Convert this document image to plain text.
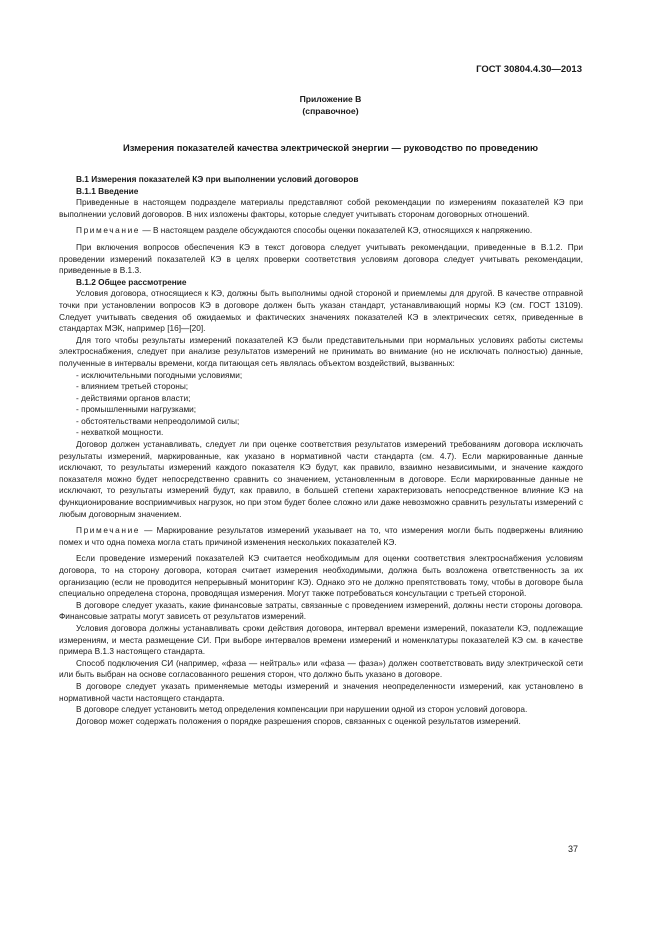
ГОСТ 30804.4.30—2013
Приложение В
(справочное)
Измерения показателей качества электрической энергии — руководство по проведению
В.1 Измерения показателей КЭ при выполнении условий договоров
В.1.1 Введение

Приведенные в настоящем подразделе материалы представляют собой рекомендации по измерениям показателей КЭ при выполнении условий договоров. В них изложены факторы, которые следует учитывать сторонам договорных отношений.

Примечание — В настоящем разделе обсуждаются способы оценки показателей КЭ, относящихся к напряжению.

При включения вопросов обеспечения КЭ в текст договора следует учитывать рекомендации, приведенные в В.1.2. При проведении измерений показателей КЭ в целях проверки соответствия условиям договора следует учитывать рекомендации, приведенные в В.1.3.

В.1.2 Общее рассмотрение

Условия договора, относящиеся к КЭ, должны быть выполнимы одной стороной и приемлемы для другой. В качестве отправной точки при установлении вопросов КЭ в договоре должен быть указан стандарт, устанавливающий нормы КЭ (см. ГОСТ 13109). Следует учитывать сведения об ожидаемых и фактических значениях показателей КЭ в электрических сетях, приведенные в стандартах МЭК, например [16]—[20].

Для того чтобы результаты измерений показателей КЭ были представительными при нормальных условиях работы системы электроснабжения, следует при анализе результатов измерений не принимать во внимание (но не исключать полностью) данные, полученные в интервалы времени, когда питающая сеть являлась объектом воздействий, вызванных:

- исключительными погодными условиями;
- влиянием третьей стороны;
- действиями органов власти;
- промышленными нагрузками;
- обстоятельствами непреодолимой силы;
- нехваткой мощности.

Договор должен устанавливать, следует ли при оценке соответствия результатов измерений требованиям договора исключать результаты измерений, маркированные, как указано в нормативной части стандарта (см. 4.7). Если маркированные данные исключают, то результаты измерений каждого показателя КЭ будут, как правило, взаимно независимыми, и значение каждого показателя можно будет непосредственно сравнить со значением, установленным в договоре. Если маркированные данные не исключают, то результаты измерений будут, как правило, в большей степени характеризовать непосредственное влияние КЭ на функционирование восприимчивых нагрузок, но при этом будет более сложно или даже невозможно сравнить результаты измерений с любым договорным значением.

Примечание — Маркирование результатов измерений указывает на то, что измерения могли быть подвержены влиянию помех и что одна помеха могла стать причиной изменения нескольких показателей КЭ.

Если проведение измерений показателей КЭ считается необходимым для оценки соответствия электроснабжения условиям договора, то на сторону договора, которая считает измерения необходимыми, должна быть возложена ответственность за их организацию (если не проводится непрерывный мониторинг КЭ). Однако это не должно препятствовать тому, чтобы в договоре была специально определена сторона, проводящая измерения. Могут также потребоваться консультации с третьей стороной.

В договоре следует указать, какие финансовые затраты, связанные с проведением измерений, должны нести стороны договора. Финансовые затраты могут зависеть от результатов измерений.

Условия договора должны устанавливать сроки действия договора, интервал времени измерений, показатели КЭ, подлежащие измерениям, и места размещение СИ. При выборе интервалов времени измерений и номенклатуры показателей КЭ см. в качестве примера В.1.3 настоящего стандарта.

Способ подключения СИ (например, «фаза — нейтраль» или «фаза — фаза») должен соответствовать виду электрической сети или быть выбран на основе согласованного решения сторон, что должно быть указано в договоре.

В договоре следует указать применяемые методы измерений и значения неопределенности измерений, как установлено в нормативной части настоящего стандарта.

В договоре следует установить метод определения компенсации при нарушении одной из сторон условий договора.

Договор может содержать положения о порядке разрешения споров, связанных с оценкой результатов измерений.

37
